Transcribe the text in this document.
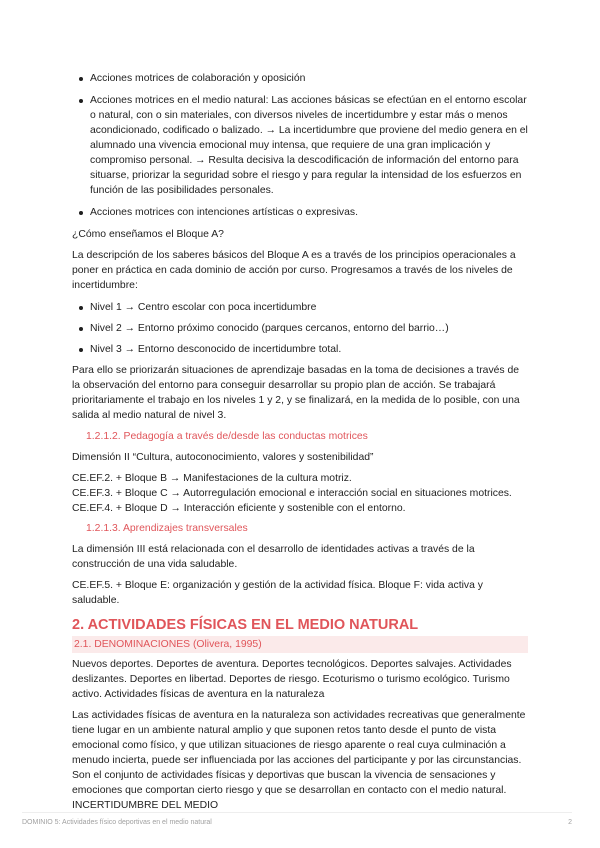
Acciones motrices de colaboración y oposición
Acciones motrices en el medio natural: Las acciones básicas se efectúan en el entorno escolar o natural, con o sin materiales, con diversos niveles de incertidumbre y estar más o menos acondicionado, codificado o balizado. → La incertidumbre que proviene del medio genera en el alumnado una vivencia emocional muy intensa, que requiere de una gran implicación y compromiso personal. → Resulta decisiva la descodificación de información del entorno para situarse, priorizar la seguridad sobre el riesgo y para regular la intensidad de los esfuerzos en función de las posibilidades personales.
Acciones motrices con intenciones artísticas o expresivas.

¿Cómo enseñamos el Bloque A?

La descripción de los saberes básicos del Bloque A es a través de los principios operacionales a poner en práctica en cada dominio de acción por curso. Progresamos a través de los niveles de incertidumbre:

Nivel 1 → Centro escolar con poca incertidumbre
Nivel 2 → Entorno próximo conocido (parques cercanos, entorno del barrio…)
Nivel 3 → Entorno desconocido de incertidumbre total.

Para ello se priorizarán situaciones de aprendizaje basadas en la toma de decisiones a través de la observación del entorno para conseguir desarrollar su propio plan de acción. Se trabajará prioritariamente el trabajo en los niveles 1 y 2, y se finalizará, en la medida de lo posible, con una salida al medio natural de nivel 3.

1.2.1.2. Pedagogía a través de/desde las conductas motrices

Dimensión II “Cultura, autoconocimiento, valores y sostenibilidad”

CE.EF.2. + Bloque B → Manifestaciones de la cultura motriz.

CE.EF.3. + Bloque C → Autorregulación emocional e interacción social en situaciones motrices.

CE.EF.4. + Bloque D → Interacción eficiente y sostenible con el entorno.

1.2.1.3. Aprendizajes transversales

La dimensión III está relacionada con el desarrollo de identidades activas a través de la construcción de una vida saludable.

CE.EF.5. + Bloque E: organización y gestión de la actividad física. Bloque F: vida activa y saludable.

2. ACTIVIDADES FÍSICAS EN EL MEDIO NATURAL
2.1. DENOMINACIONES (Olivera, 1995)

Nuevos deportes. Deportes de aventura. Deportes tecnológicos. Deportes salvajes. Actividades deslizantes. Deportes en libertad. Deportes de riesgo. Ecoturismo o turismo ecológico. Turismo activo. Actividades físicas de aventura en la naturaleza

Las actividades físicas de aventura en la naturaleza son actividades recreativas que generalmente tiene lugar en un ambiente natural amplio y que suponen retos tanto desde el punto de vista emocional como físico, y que utilizan situaciones de riesgo aparente o real cuya culminación a menudo incierta, puede ser influenciada por las acciones del participante y por las circunstancias. Son el conjunto de actividades físicas y deportivas que buscan la vivencia de sensaciones y emociones que comportan cierto riesgo y que se desarrollan en contacto con el medio natural.

INCERTIDUMBRE DEL MEDIO

DOMINIO 5: Actividades físico deportivas en el medio natural	2
